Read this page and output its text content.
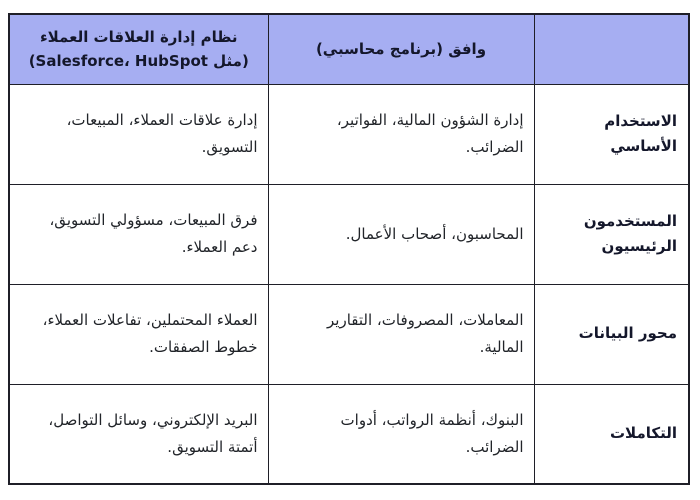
	وافق (برنامج محاسبي)	نظام إدارة العلاقات العملاء (مثل Salesforce، HubSpot)
الاستخدام الأساسي	إدارة الشؤون المالية، الفواتير، الضرائب.	إدارة علاقات العملاء، المبيعات، التسويق.
المستخدمون الرئيسيون	المحاسبون، أصحاب الأعمال.	فرق المبيعات، مسؤولي التسويق، دعم العملاء.
محور البيانات	المعاملات، المصروفات، التقارير المالية.	العملاء المحتملين، تفاعلات العملاء، خطوط الصفقات.
التكاملات	البنوك، أنظمة الرواتب، أدوات الضرائب.	البريد الإلكتروني، وسائل التواصل، أتمتة التسويق.
